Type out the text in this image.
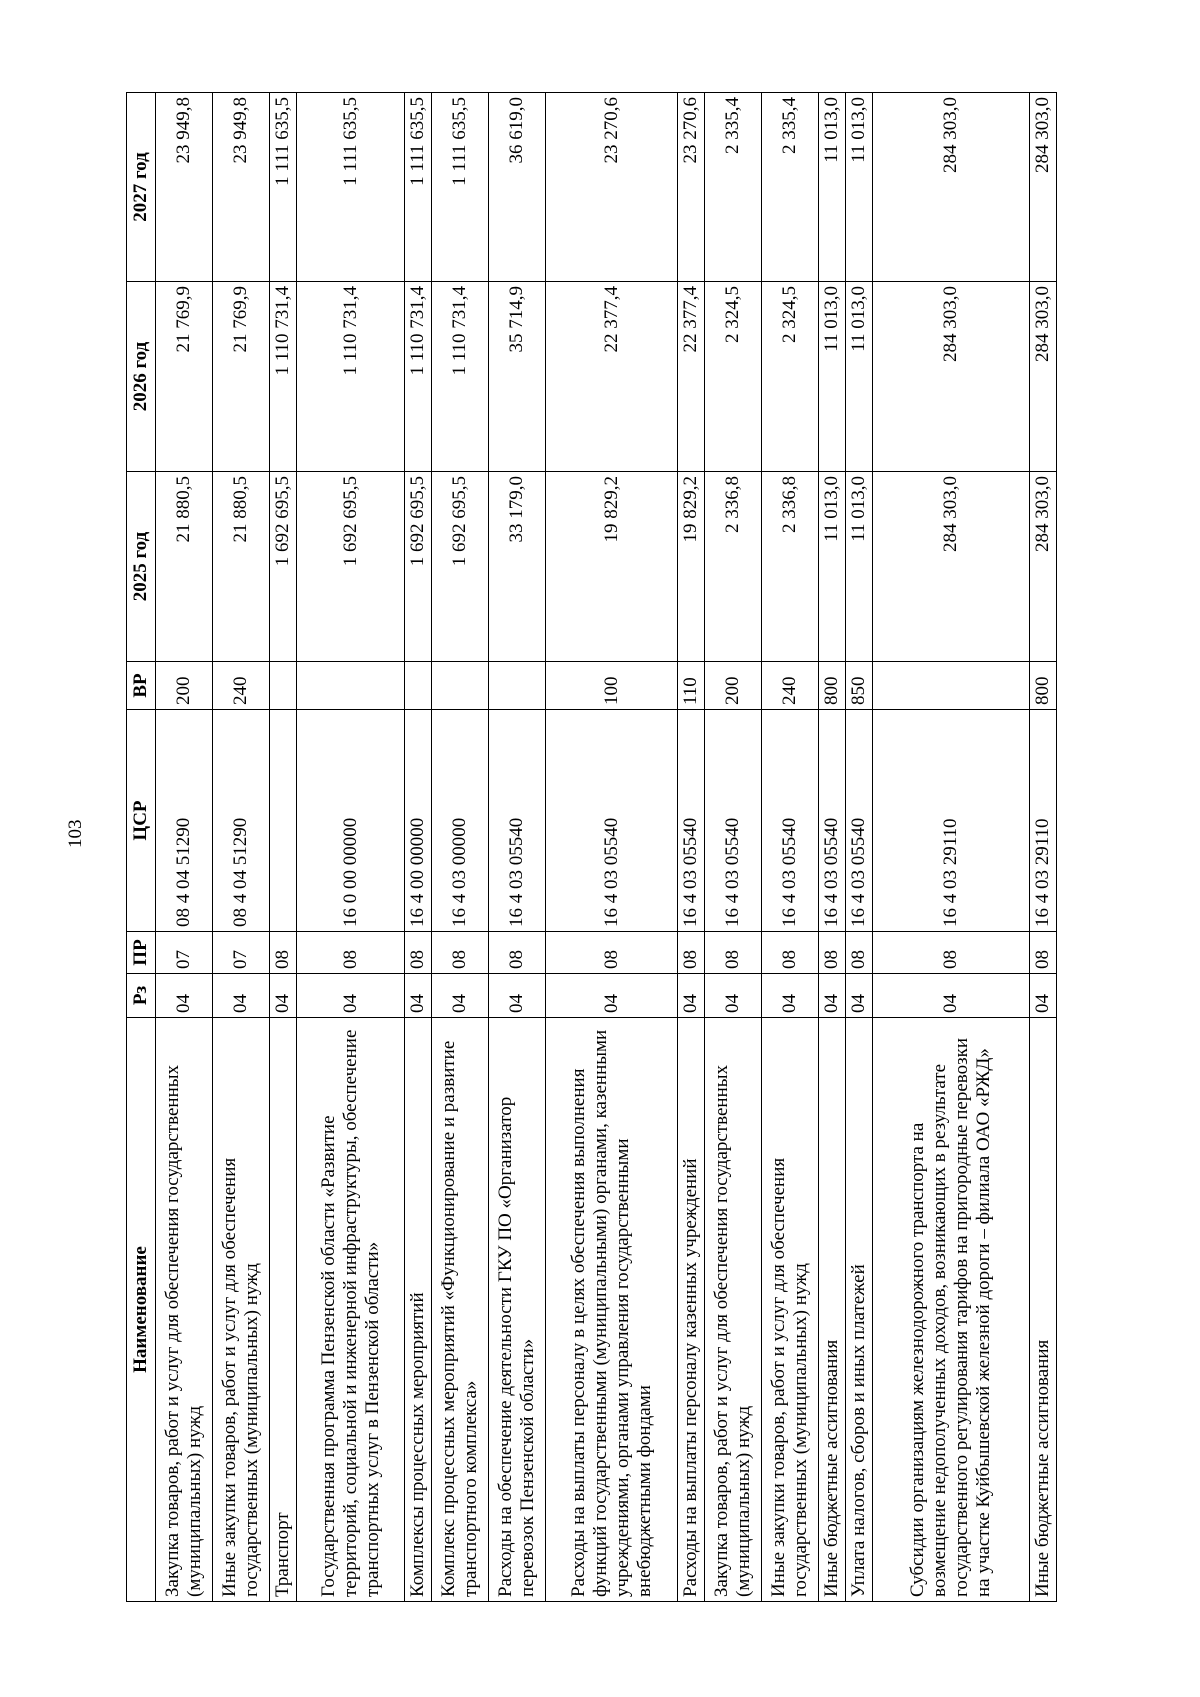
103
Наименование	Рз	ПР	ЦСР	ВР	2025 год	2026 год	2027 год
Закупка товаров, работ и услуг для обеспечения государственных (муниципальных) нужд	04	07	08 4 04 51290	200	21 880,5	21 769,9	23 949,8
Иные закупки товаров, работ и услуг для обеспечения государственных (муниципальных) нужд	04	07	08 4 04 51290	240	21 880,5	21 769,9	23 949,8
Транспорт	04	08			1 692 695,5	1 110 731,4	1 111 635,5
Государственная программа Пензенской области «Развитие территорий, социальной и инженерной инфраструктуры, обеспечение транспортных услуг в Пензенской области»	04	08	16 0 00 00000		1 692 695,5	1 110 731,4	1 111 635,5
Комплексы процессных мероприятий	04	08	16 4 00 00000		1 692 695,5	1 110 731,4	1 111 635,5
Комплекс процессных мероприятий «Функционирование и развитие транспортного комплекса»	04	08	16 4 03 00000		1 692 695,5	1 110 731,4	1 111 635,5
Расходы на обеспечение деятельности ГКУ ПО «Организатор перевозок Пензенской области»	04	08	16 4 03 05540		33 179,0	35 714,9	36 619,0
Расходы на выплаты персоналу в целях обеспечения выполнения функций государственными (муниципальными) органами, казенными учреждениями, органами управления государственными внебюджетными фондами	04	08	16 4 03 05540	100	19 829,2	22 377,4	23 270,6
Расходы на выплаты персоналу казенных учреждений	04	08	16 4 03 05540	110	19 829,2	22 377,4	23 270,6
Закупка товаров, работ и услуг для обеспечения государственных (муниципальных) нужд	04	08	16 4 03 05540	200	2 336,8	2 324,5	2 335,4
Иные закупки товаров, работ и услуг для обеспечения государственных (муниципальных) нужд	04	08	16 4 03 05540	240	2 336,8	2 324,5	2 335,4
Иные бюджетные ассигнования	04	08	16 4 03 05540	800	11 013,0	11 013,0	11 013,0
Уплата налогов, сборов и иных платежей	04	08	16 4 03 05540	850	11 013,0	11 013,0	11 013,0
Субсидии организациям железнодорожного транспорта на возмещение недополученных доходов, возникающих в результате государственного регулирования тарифов на пригородные перевозки на участке Куйбышевской железной дороги – филиала ОАО «РЖД»	04	08	16 4 03 29110		284 303,0	284 303,0	284 303,0
Иные бюджетные ассигнования	04	08	16 4 03 29110	800	284 303,0	284 303,0	284 303,0
